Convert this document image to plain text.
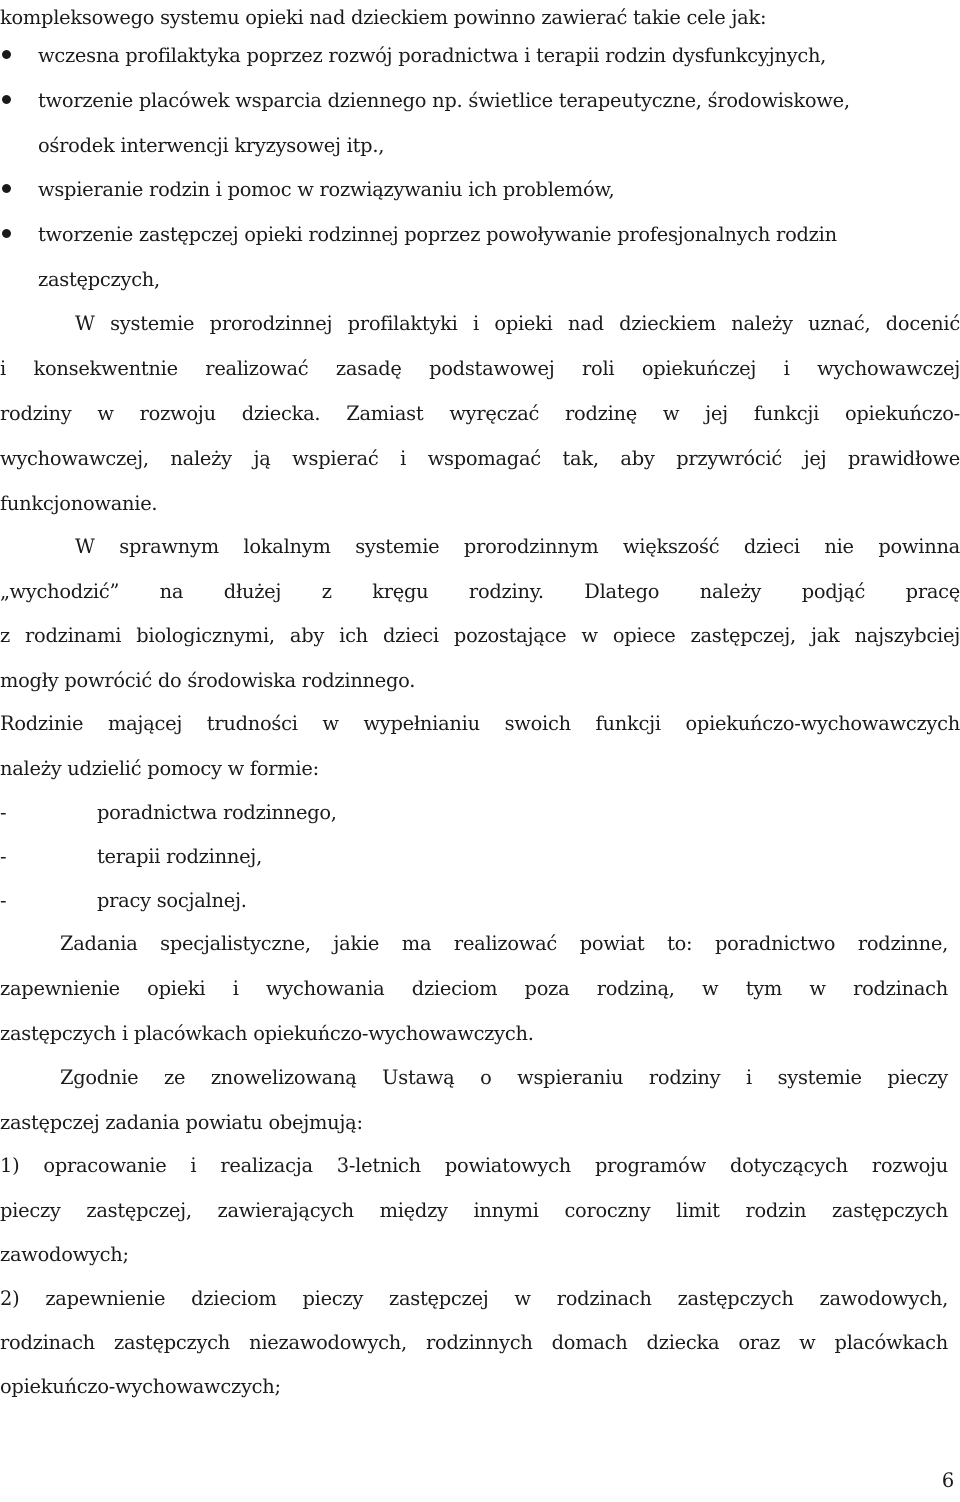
kompleksowego systemu opieki nad dzieckiem powinno zawierać takie cele jak:
wczesna profilaktyka poprzez rozwój poradnictwa i terapii rodzin dysfunkcyjnych,
tworzenie placówek wsparcia dziennego np. świetlice terapeutyczne, środowiskowe,
ośrodek interwencji kryzysowej itp.,
wspieranie rodzin i pomoc w rozwiązywaniu ich problemów,
tworzenie zastępczej opieki rodzinnej poprzez powoływanie profesjonalnych rodzin
zastępczych,
W systemie prorodzinnej profilaktyki i opieki nad dzieckiem należy uznać, docenić
i konsekwentnie realizować zasadę podstawowej roli opiekuńczej i wychowawczej
rodziny w rozwoju dziecka. Zamiast wyręczać rodzinę w jej funkcji opiekuńczo-
wychowawczej, należy ją wspierać i wspomagać tak, aby przywrócić jej prawidłowe
funkcjonowanie.
W sprawnym lokalnym systemie prorodzinnym większość dzieci nie powinna
„wychodzić” na dłużej z kręgu rodziny. Dlatego należy podjąć pracę
z rodzinami biologicznymi, aby ich dzieci pozostające w opiece zastępczej, jak najszybciej
mogły powrócić do środowiska rodzinnego.
Rodzinie mającej trudności w wypełnianiu swoich funkcji opiekuńczo-wychowawczych
należy udzielić pomocy w formie:
-	poradnictwa rodzinnego,
-	terapii rodzinnej,
-	pracy socjalnej.
Zadania specjalistyczne, jakie ma realizować powiat to: poradnictwo rodzinne,
zapewnienie opieki i wychowania dzieciom poza rodziną, w tym w rodzinach
zastępczych i placówkach opiekuńczo-wychowawczych.
Zgodnie ze znowelizowaną Ustawą o wspieraniu rodziny i systemie pieczy
zastępczej zadania powiatu obejmują:
1) opracowanie i realizacja 3-letnich powiatowych programów dotyczących rozwoju
pieczy zastępczej, zawierających między innymi coroczny limit rodzin zastępczych
zawodowych;
2) zapewnienie dzieciom pieczy zastępczej w rodzinach zastępczych zawodowych,
rodzinach zastępczych niezawodowych, rodzinnych domach dziecka oraz w placówkach
opiekuńczo-wychowawczych;
6
